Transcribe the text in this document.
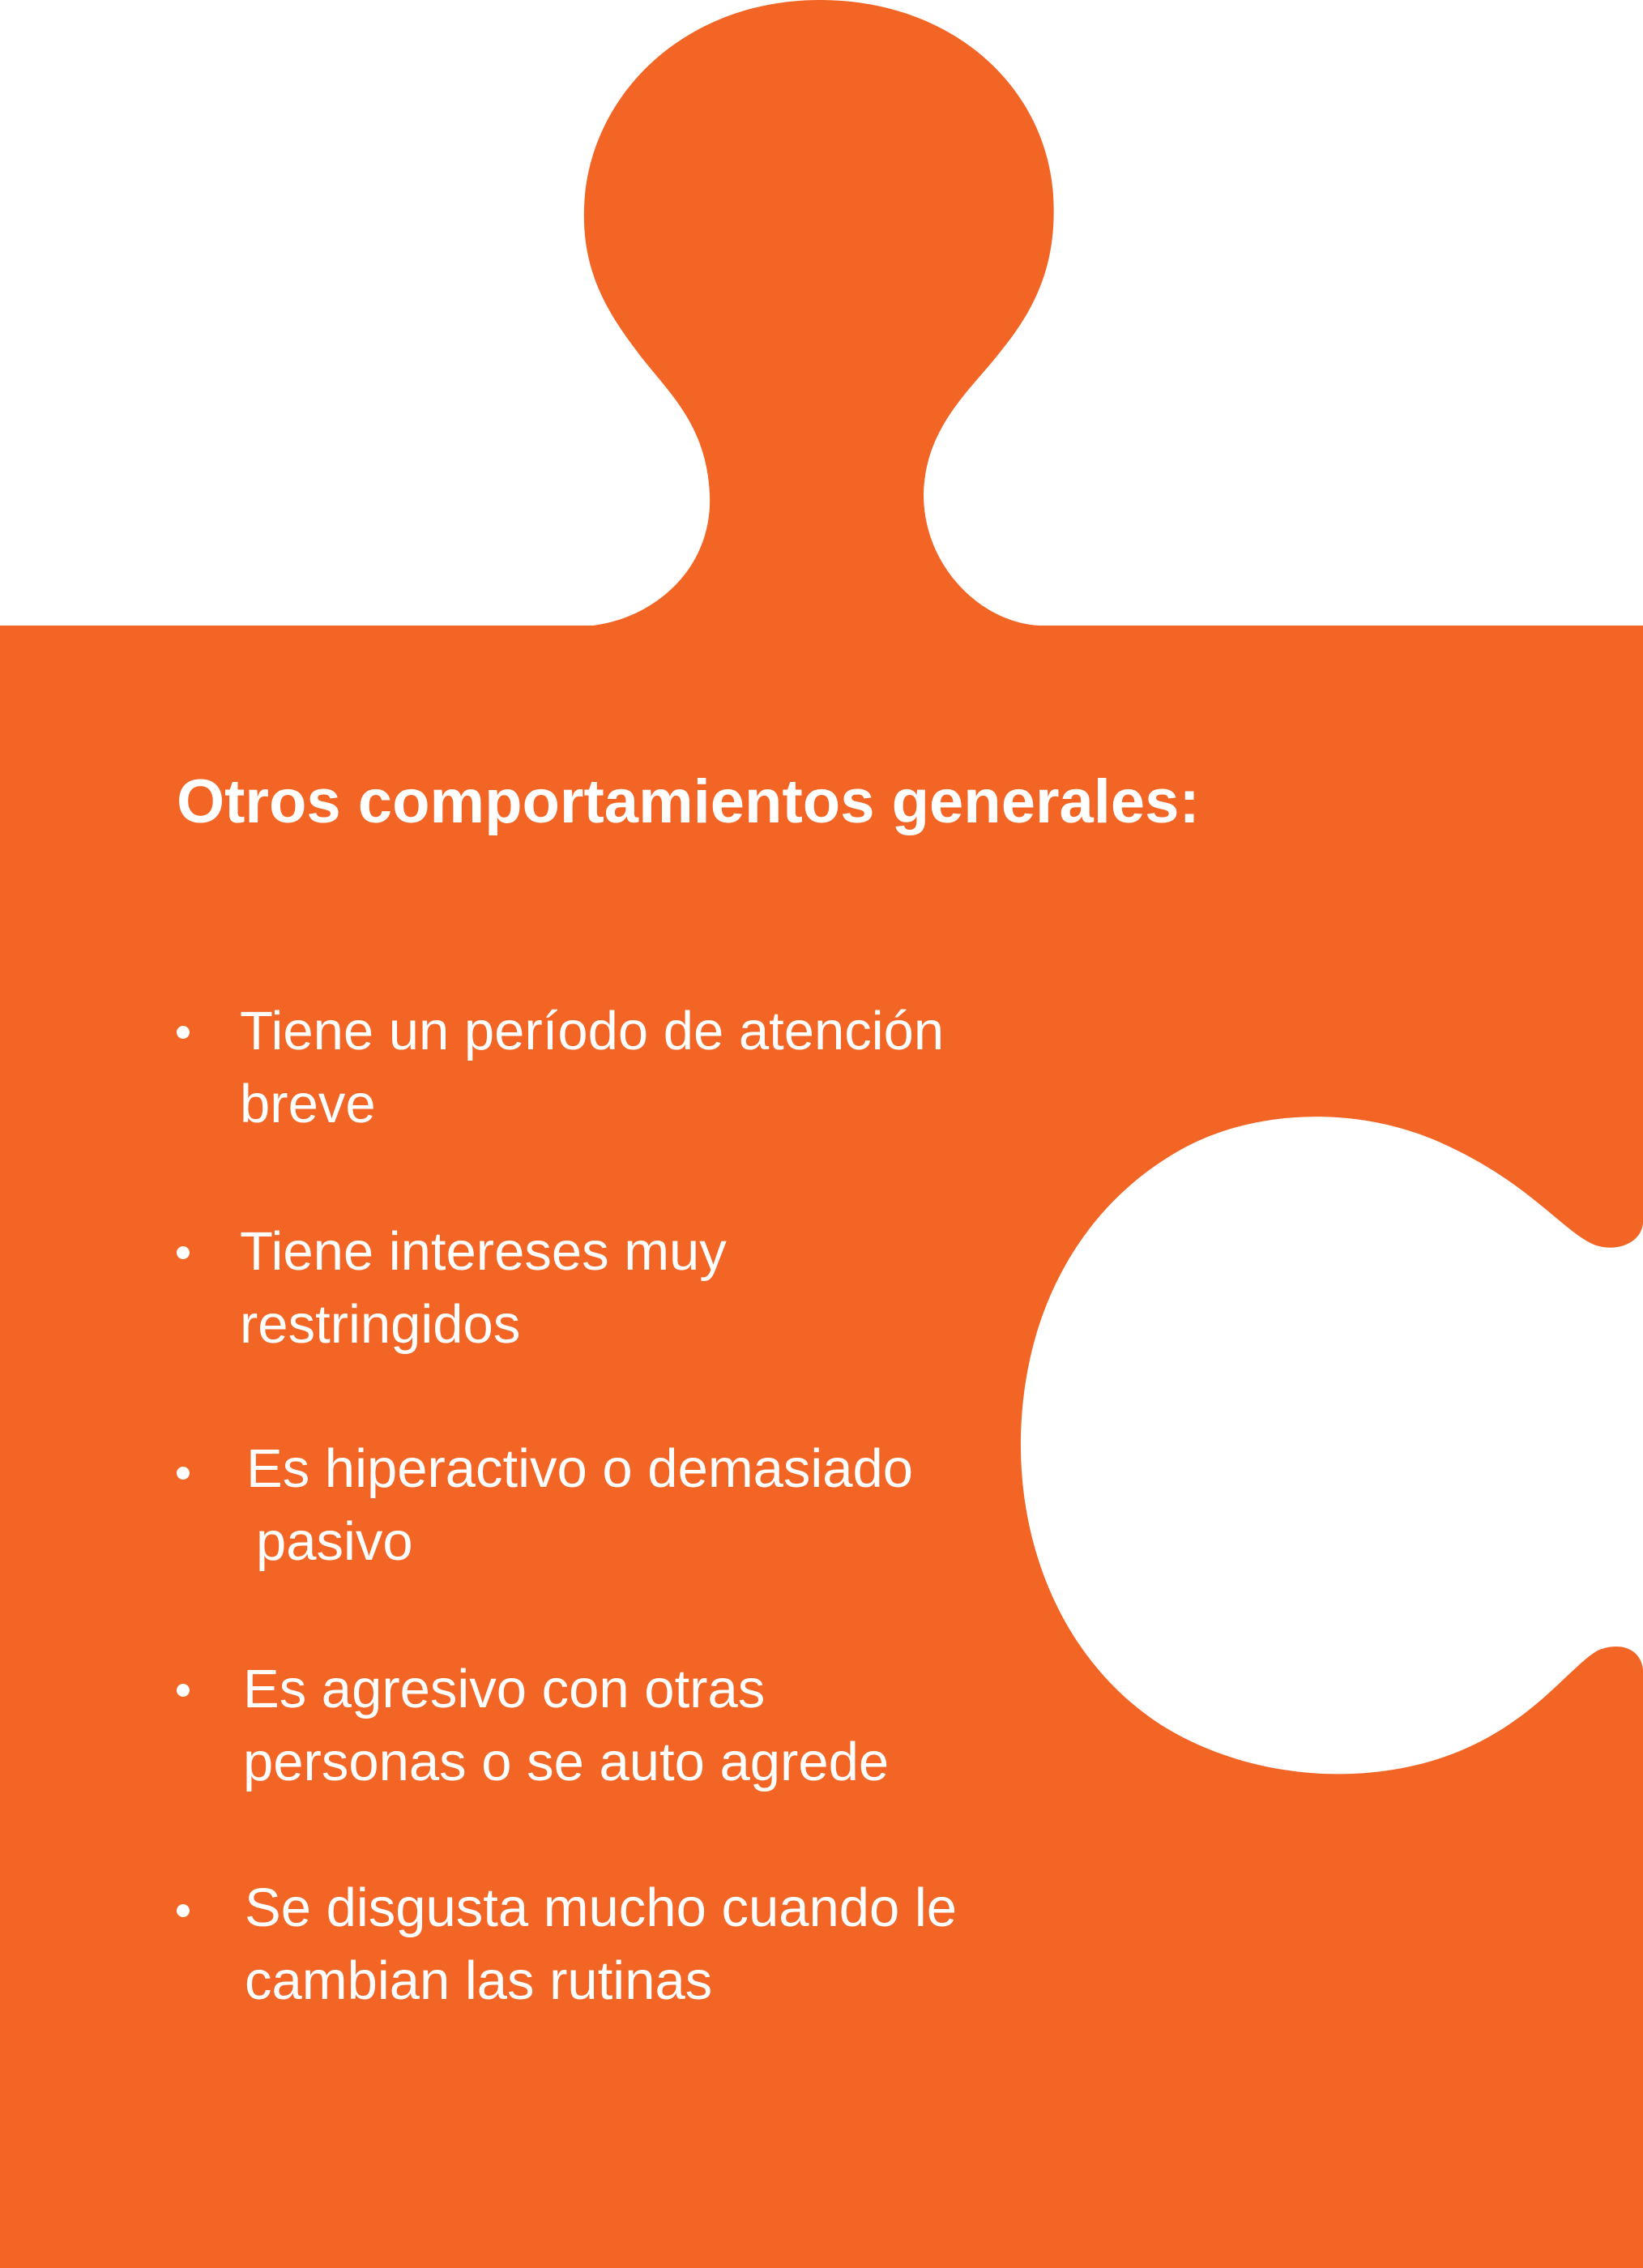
Otros comportamientos generales:
Tiene un período de atención
breve
Tiene intereses muy
restringidos
Es hiperactivo o demasiado
pasivo
Es agresivo con otras
personas o se auto agrede
Se disgusta mucho cuando le
cambian las rutinas
